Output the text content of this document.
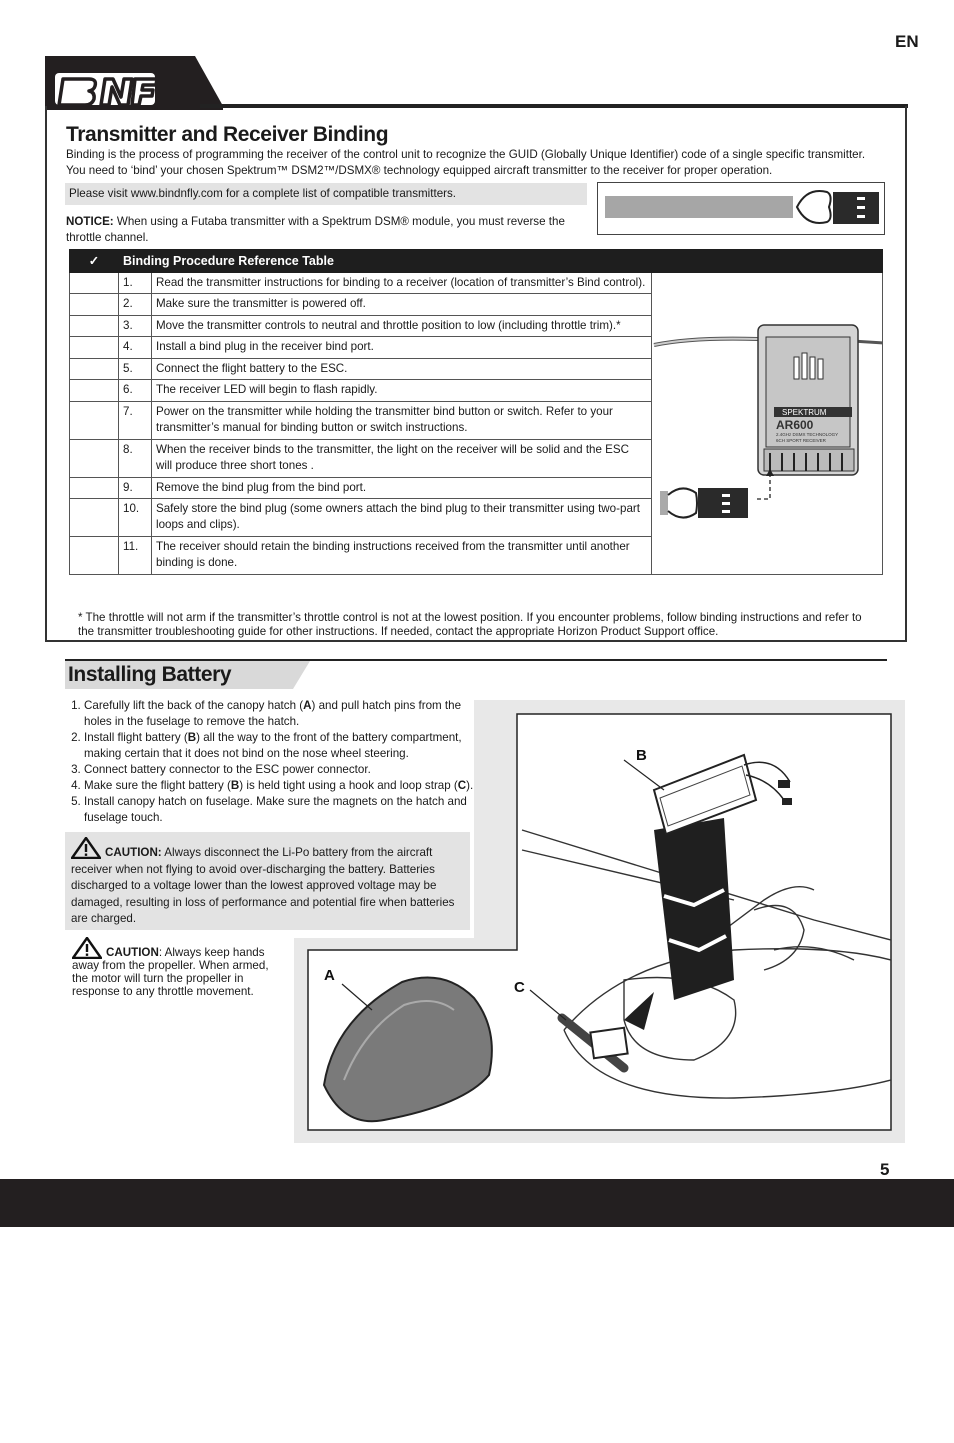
EN
TM
Transmitter and Receiver Binding
Binding is the process of programming the receiver of the control unit to recognize the GUID (Globally Unique Identifier) code of a single specific transmitter. You need to ‘bind’ your chosen Spektrum™ DSM2™/DSMX® technology equipped aircraft transmitter to the receiver for proper operation.
Please visit www.bindnfly.com for a complete list of compatible transmitters.
NOTICE: When using a Futaba transmitter with a Spektrum DSM® module, you must reverse the throttle channel.
✓	Binding Procedure Reference Table		
	1.	Read the transmitter instructions for binding to a receiver (location of transmitter’s Bind control).	SPEKTRUM
AR600
2.4GHz DSMX TECHNOLOGY
6CH SPORT RECEIVER

	2.	Make sure the transmitter is powered off.	
	3.	Move the transmitter controls to neutral and throttle position to low (including throttle trim).*	
	4.	Install a bind plug in the receiver bind port.	
	5.	Connect the flight battery to the ESC.	
	6.	The receiver LED will begin to flash rapidly.	
	7.	Power on the transmitter while holding the transmitter bind button or switch. Refer to your transmitter’s manual for binding button or switch instructions.	
	8.	When the receiver binds to the transmitter, the light on the receiver will be solid and the ESC will produce three short tones .	
	9.	Remove the bind plug from the bind port.	
	10.	Safely store the bind plug (some owners attach the bind plug to their transmitter using two-part loops and clips).	
	11.	The receiver should retain the binding instructions received from the transmitter until another binding is done.	
* The throttle will not arm if the transmitter’s throttle control is not at the lowest position. If you encounter problems, follow binding instructions and refer to the transmitter troubleshooting guide for other instructions. If needed, contact the appropriate Horizon Product Support office.
Installing Battery
1. Carefully lift the back of the canopy hatch (A) and pull hatch pins from the holes in the fuselage to remove the hatch.
2. Install flight battery (B) all the way to the front of the battery compartment, making certain that it does not bind on the nose wheel steering.
3. Connect battery connector to the ESC power connector.
4. Make sure the flight battery (B) is held tight using a hook and loop strap (C).
5. Install canopy hatch on fuselage. Make sure the magnets on the hatch and fuselage touch.
CAUTION: Always disconnect the Li-Po battery from the aircraft receiver when not flying to avoid over-discharging the battery. Batteries discharged to a voltage lower than the lowest approved voltage may be damaged, resulting in loss of performance and potential fire when batteries are charged.
CAUTION: Always keep hands away from the propeller. When armed, the motor will turn the propeller in response to any throttle movement.
B
C
A
5
